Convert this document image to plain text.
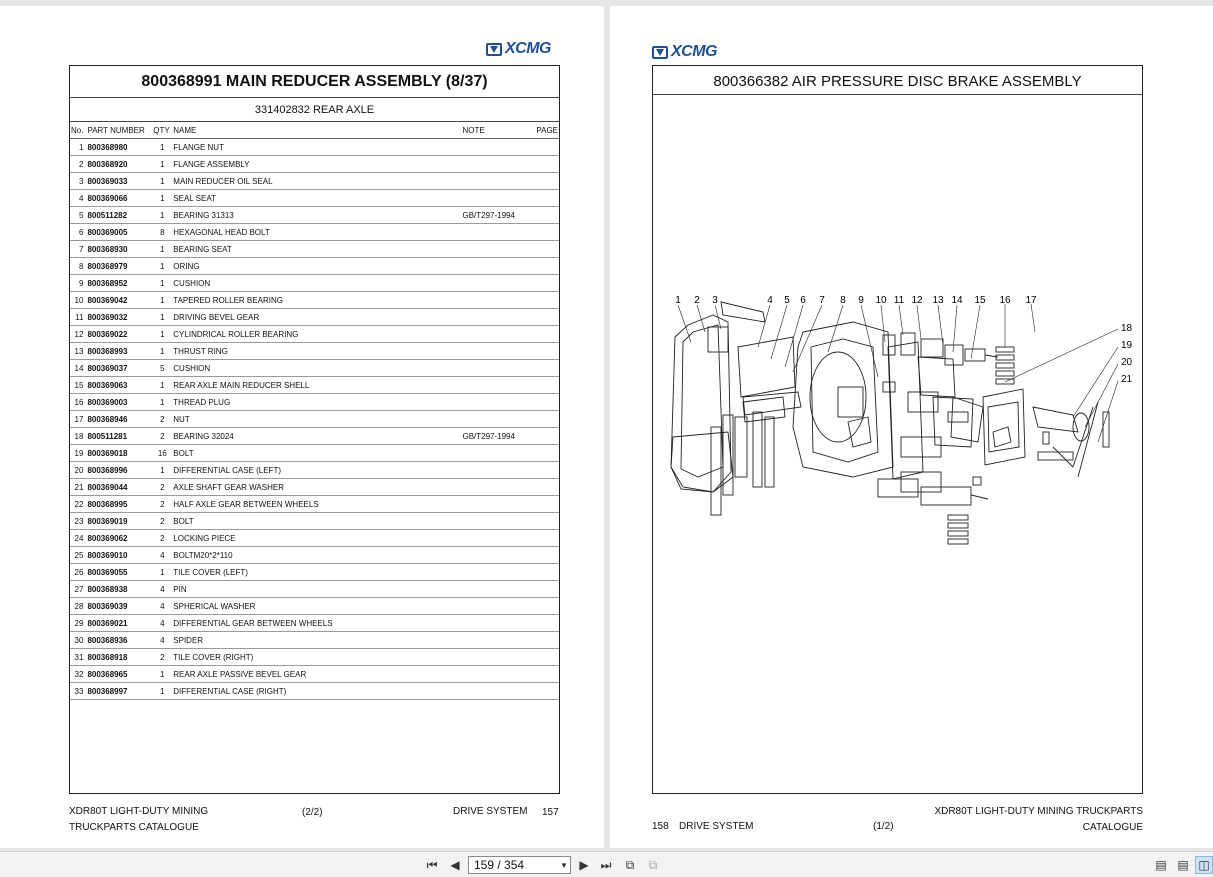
XCMG
800368991 MAIN REDUCER ASSEMBLY (8/37)
331402832 REAR AXLE
No.	PART NUMBER	QTY	NAME	NOTE	PAGE
1	800368980	1	FLANGE NUT		
2	800368920	1	FLANGE ASSEMBLY		
3	800369033	1	MAIN REDUCER OIL SEAL		
4	800369066	1	SEAL SEAT		
5	800511282	1	BEARING 31313	GB/T297-1994	
6	800369005	8	HEXAGONAL HEAD BOLT		
7	800368930	1	BEARING SEAT		
8	800368979	1	ORING		
9	800368952	1	CUSHION		
10	800369042	1	TAPERED ROLLER BEARING		
11	800369032	1	DRIVING BEVEL GEAR		
12	800369022	1	CYLINDRICAL ROLLER BEARING		
13	800368993	1	THRUST RING		
14	800369037	5	CUSHION		
15	800369063	1	REAR AXLE MAIN REDUCER SHELL		
16	800369003	1	THREAD PLUG		
17	800368946	2	NUT		
18	800511281	2	BEARING 32024	GB/T297-1994	
19	800369018	16	BOLT		
20	800368996	1	DIFFERENTIAL CASE (LEFT)		
21	800369044	2	AXLE SHAFT GEAR WASHER		
22	800368995	2	HALF AXLE GEAR BETWEEN WHEELS		
23	800369019	2	BOLT		
24	800369062	2	LOCKING PIECE		
25	800369010	4	BOLTM20*2*110		
26	800369055	1	TILE COVER (LEFT)		
27	800368938	4	PIN		
28	800369039	4	SPHERICAL WASHER		
29	800369021	4	DIFFERENTIAL GEAR BETWEEN WHEELS		
30	800368936	4	SPIDER		
31	800368918	2	TILE COVER (RIGHT)		
32	800368965	1	REAR AXLE PASSIVE BEVEL GEAR		
33	800368997	1	DIFFERENTIAL CASE (RIGHT)		
XDR80T LIGHT-DUTY MINING
TRUCKPARTS CATALOGUE
(2/2)	DRIVE SYSTEM 157
XCMG
800366382 AIR PRESSURE DISC BRAKE ASSEMBLY
1 2 3	4 5 6 7 8 9 10 11 12 13 14 15 16 17
18
19
20
21
158 DRIVE SYSTEM	(1/2)
XDR80T LIGHT-DUTY MINING TRUCKPARTS
CATALOGUE
⏮ ◀	159 / 354	▼ ▶ ⏭ ⧉ ⧉	▤ ▤ ◫
